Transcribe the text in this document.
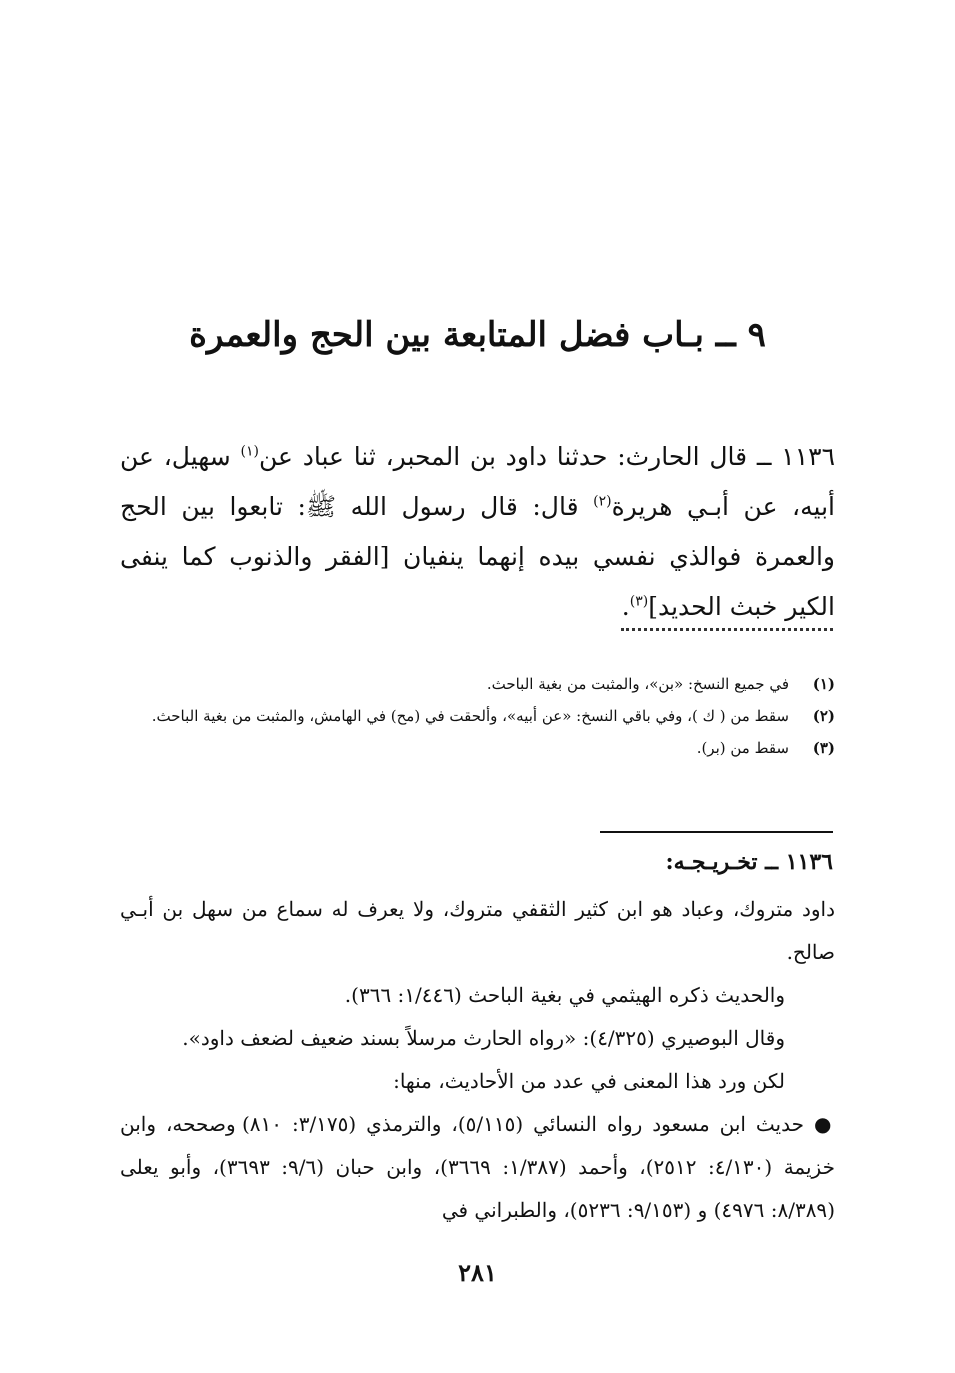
٩ ــ بـاب فضل المتابعة بين الحج والعمرة
١١٣٦ ــ قال الحارث: حدثنا داود بن المحبر، ثنا عباد عن$^{(١)}$ سهيل، عن أبيه، عن أبـي هريرة$^{(٢)}$ قال: قال رسول الله ﷺ: تابعوا بين الحج والعمرة فوالذي نفسي بيده إنهما ينفيان [الفقر والذنوب كما ينفى الكير خبث الحديد]$^{(٣)}$.
(١)
في جميع النسخ: «بن»، والمثبت من بغية الباحث.
(٢)
سقط من ( ك )، وفي باقي النسخ: «عن أبيه»، وألحقت في (مح) في الهامش، والمثبت من بغية الباحث.
(٣)
سقط من (بر).
١١٣٦ ــ تخـريـجـه:

داود متروك، وعباد هو ابن كثير الثقفي متروك، ولا يعرف له سماع من سهل بن أبـي صالح.

والحديث ذكره الهيثمي في بغية الباحث (١/٤٤٦: ٣٦٦).

وقال البوصيري (٤/٣٢٥): «رواه الحارث مرسلاً بسند ضعيف لضعف داود».

لكن ورد هذا المعنى في عدد من الأحاديث، منها:

● حديث ابن مسعود رواه النسائي (٥/١١٥)، والترمذي (٣/١٧٥: ٨١٠) وصححه، وابن خزيمة (٤/١٣٠: ٢٥١٢)، وأحمد (١/٣٨٧: ٣٦٦٩)، وابن حبان (٩/٦: ٣٦٩٣)، وأبو يعلى (٨/٣٨٩: ٤٩٧٦) و (٩/١٥٣: ٥٢٣٦)، والطبراني في

٢٨١
